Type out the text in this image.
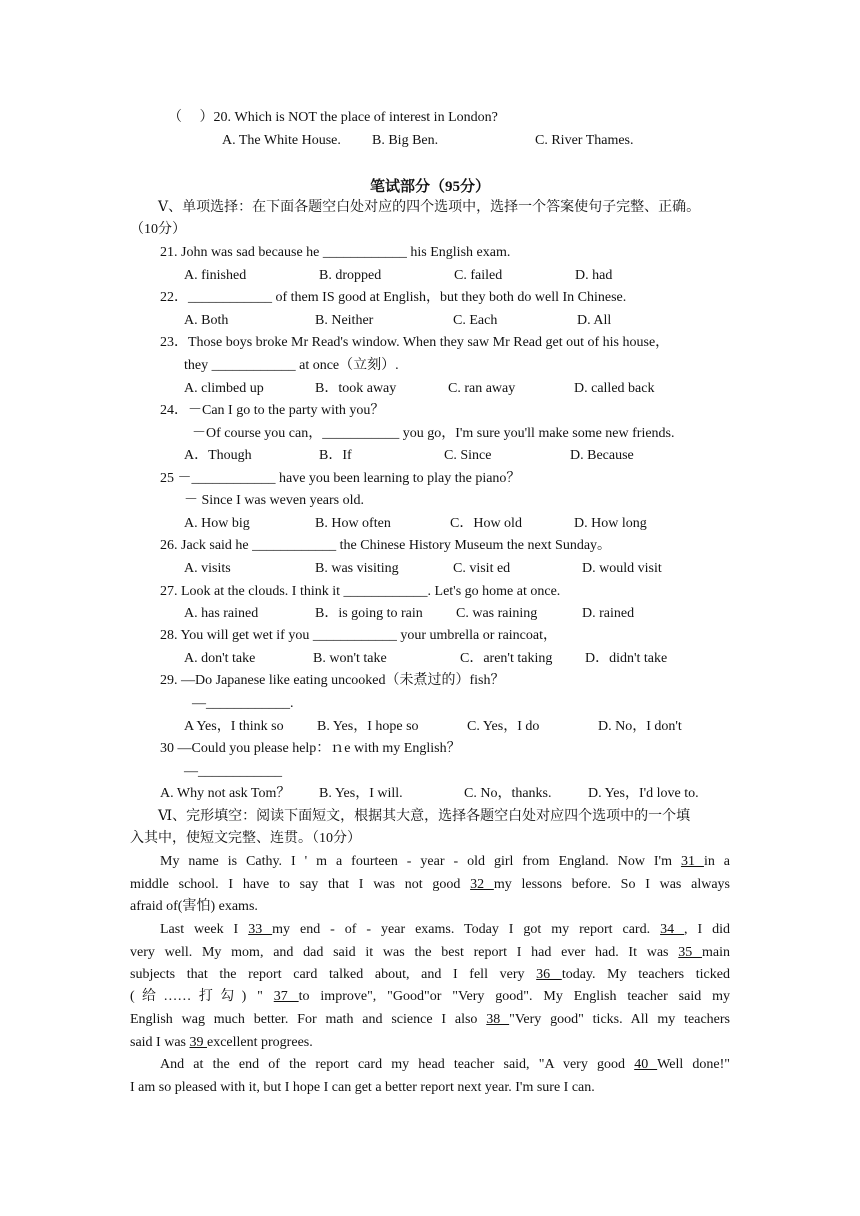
（　 ）20. Which is NOT the place of interest in London?
A. The White House. B. Big Ben.	C. River Thames.
笔试部分（95分）
Ⅴ、单项选择：在下面各题空白处对应的四个选项中，选择一个答案使句子完整、正确。
（10分）
21. John was sad because he ____________ his English exam.
A. finished	B. dropped	C. failed	D. had
22．____________ of them IS good at English，but they both do well In Chinese.
A. Both	B. Neither	C. Each	D. All
23．Those boys broke Mr Read's window. When they saw Mr Read get out of his house，
they ____________ at once（立刻）.
A. climbed up	B．took away	C. ran away	D. called back
24．－Can I go to the party with you？
－Of course you can，___________ you go，I'm sure you'll make some new friends.
A．Though	B．If	C. Since	D. Because
25 －____________ have you been learning to play the piano？
－ Since I was weven years old.
A. How big	B. How often	C．How old	D. How long
26. Jack said he ____________ the Chinese History Museum the next Sunday。
A. visits	B. was visiting	C. visit ed	D. would visit
27. Look at the clouds. I think it ____________. Let's go home at once.
A. has rained	B．is going to rain C. was raining	D. rained
28. You will get wet if you ____________ your umbrella or raincoat，
A. don't take	B. won't take	C．aren't taking D．didn't take
29. —Do Japanese like eating uncooked（未煮过的）fish？
—____________.
A Yes，I think so B. Yes，I hope so	C. Yes，I do	D. No，I don't
30 —Could you please help：ｎe with my English？
—____________
A. Why not ask Tom？ B. Yes，I will.	C. No，thanks.	D. Yes，I'd love to.
Ⅵ、完形填空：阅读下面短文，根据其大意，选择各题空白处对应四个选项中的一个填
入其中，使短文完整、连贯。（10分）
My name is Cathy. I ' m a fourteen - year - old girl from England. Now I'm 31 in a
middle school. I have to say that I was not good 32 my lessons before. So I was always
afraid of(害怕) exams.
Last week I 33 my end - of - year exams. Today I got my report card. 34 , I did
very well. My mom, and dad said it was the best report I had ever had. It was 35 main
subjects that the report card talked about, and I fell very 36 today. My teachers ticked
(给……打勾) " 37 to improve", "Good"or "Very good". My English teacher said my
English wag much better. For math and science I also 38 "Very good" ticks. All my teachers
said I was 39 excellent progrees.
And at the end of the report card my head teacher said, "A very good 40 Well done!"
I am so pleased with it, but I hope I can get a better report next year. I'm sure I can.
